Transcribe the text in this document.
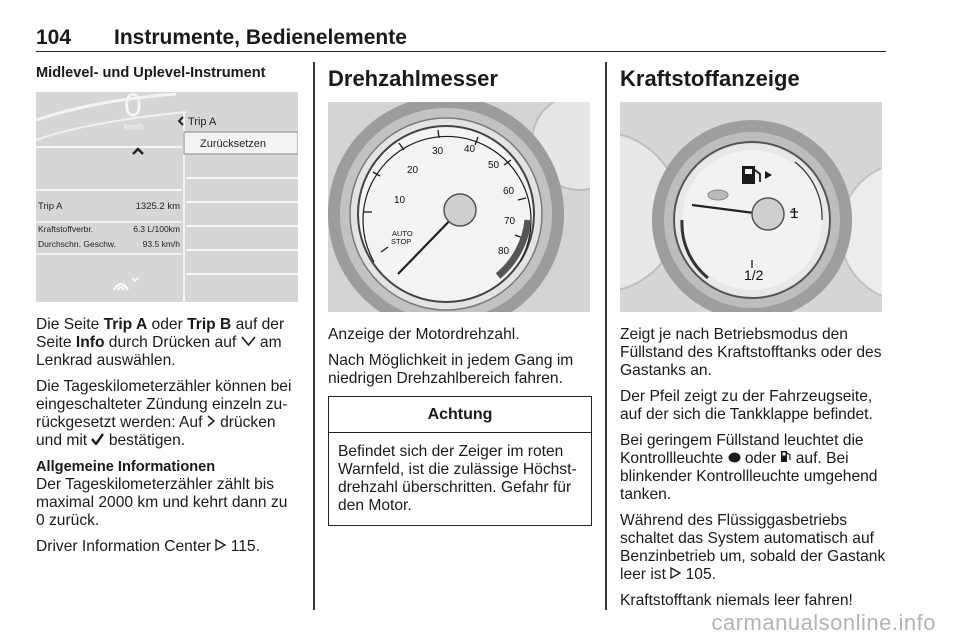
104 Instrumente, Bedienelemente
Midlevel- und Uplevel-Instrument
0
km/h	Trip A
Zurücksetzen
Trip A	1325.2 km
Kraftstoffverbr.	6.3 L/100km
Durchschn. Geschw.	93.5 km/h

Die Seite Trip A oder Trip B auf der Seite Info durch Drücken auf  am Lenkrad auswählen.

Die Tageskilometerzähler können bei eingeschalteter Zündung einzeln zurückgesetzt werden: Auf  drücken und mit  bestätigen.

Allgemeine Informationen

Der Tageskilometerzähler zählt bis maximal 2000 km und kehrt dann zu 0 zurück.

Driver Information Center  115.

Drehzahlmesser
10
20
30 40
50
60
70
80
AUTO
STOP

Anzeige der Motordrehzahl.

Nach Möglichkeit in jedem Gang im niedrigen Drehzahlbereich fahren.

Achtung
Befindet sich der Zeiger im roten Warnfeld, ist die zulässige Höchstdrehzahl überschritten. Gefahr für den Motor.
Kraftstoffanzeige
1
1/2

Zeigt je nach Betriebsmodus den Füllstand des Kraftstofftanks oder des Gastanks an.

Der Pfeil zeigt zu der Fahrzeugseite, auf der sich die Tankklappe befindet.

Bei geringem Füllstand leuchtet die Kontrollleuchte  oder  auf. Bei blinkender Kontrollleuchte umgehend tanken.

Während des Flüssiggasbetriebs schaltet das System automatisch auf Benzinbetrieb um, sobald der Gastank leer ist  105.

Kraftstofftank niemals leer fahren!

carmanualsonline.info
